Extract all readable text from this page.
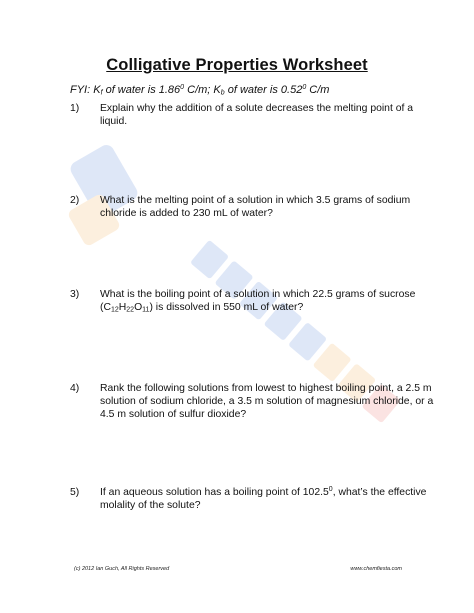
Colligative Properties Worksheet
FYI: $K_f$ of water is 1.86$^0$ C/m; $K_b$ of water is 0.52$^0$ C/m
1)	Explain why the addition of a solute decreases the melting point of a liquid.
2)	What is the melting point of a solution in which 3.5 grams of sodium chloride is added to 230 mL of water?
3)	What is the boiling point of a solution in which 22.5 grams of sucrose $(C_{12}H_{22}O_{11})$ is dissolved in 550 mL of water?
4)	Rank the following solutions from lowest to highest boiling point, a 2.5 m solution of sodium chloride, a 3.5 m solution of magnesium chloride, or a 4.5 m solution of sulfur dioxide?
5)	If an aqueous solution has a boiling point of 102.5$^0$, what’s the effective molality of the solute?
(c) 2012 Ian Guch, All Rights Reserved	www.chemfiesta.com
